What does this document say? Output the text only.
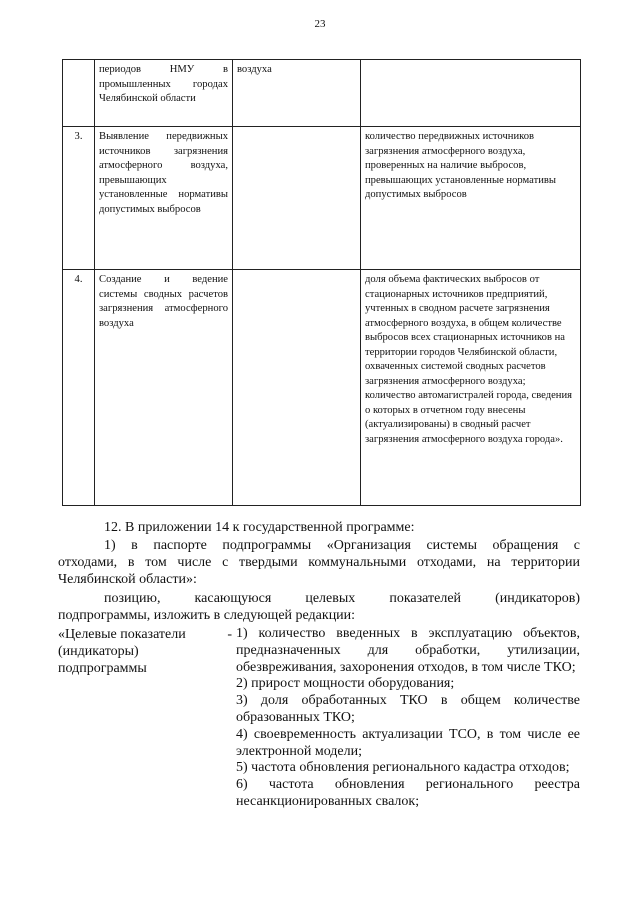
23
	периодов НМУ в промышленных городах Челябинской области	воздуха	
3.	Выявление передвижных источников загрязнения атмосферного воздуха, превышающих установленные нормативы допустимых выбросов		количество передвижных источников загрязнения атмосферного воздуха, проверенных на наличие выбросов, превышающих установленные нормативы допустимых выбросов
4.	Создание и ведение системы сводных расчетов загрязнения атмосферного воздуха		доля объема фактических выбросов от стационарных источников предприятий, учтенных в сводном расчете загрязнения атмосферного воздуха, в общем количестве выбросов всех стационарных источников на территории городов Челябинской области, охваченных системой сводных расчетов загрязнения атмосферного воздуха; количество автомагистралей города, сведения о которых в отчетном году внесены (актуализированы) в сводный расчет загрязнения атмосферного воздуха города».
12. В приложении 14 к государственной программе:
1) в паспорте подпрограммы «Организация системы обращения с
отходами, в том числе с твердыми коммунальными отходами, на территории Челябинской области»:
позицию, касающуюся целевых показателей (индикаторов)
подпрограммы, изложить в следующей редакции:
«Целевые показатели	-
(индикаторы)
подпрограммы
1) количество введенных в эксплуатацию объектов, предназначенных для обработки, утилизации, обезвреживания, захоронения отходов, в том числе ТКО;
2) прирост мощности оборудования;
3) доля обработанных ТКО в общем количестве образованных ТКО;
4) своевременность актуализации ТСО, в том числе ее электронной модели;
5) частота обновления регионального кадастра отходов;
6) частота обновления регионального реестра несанкционированных свалок;
